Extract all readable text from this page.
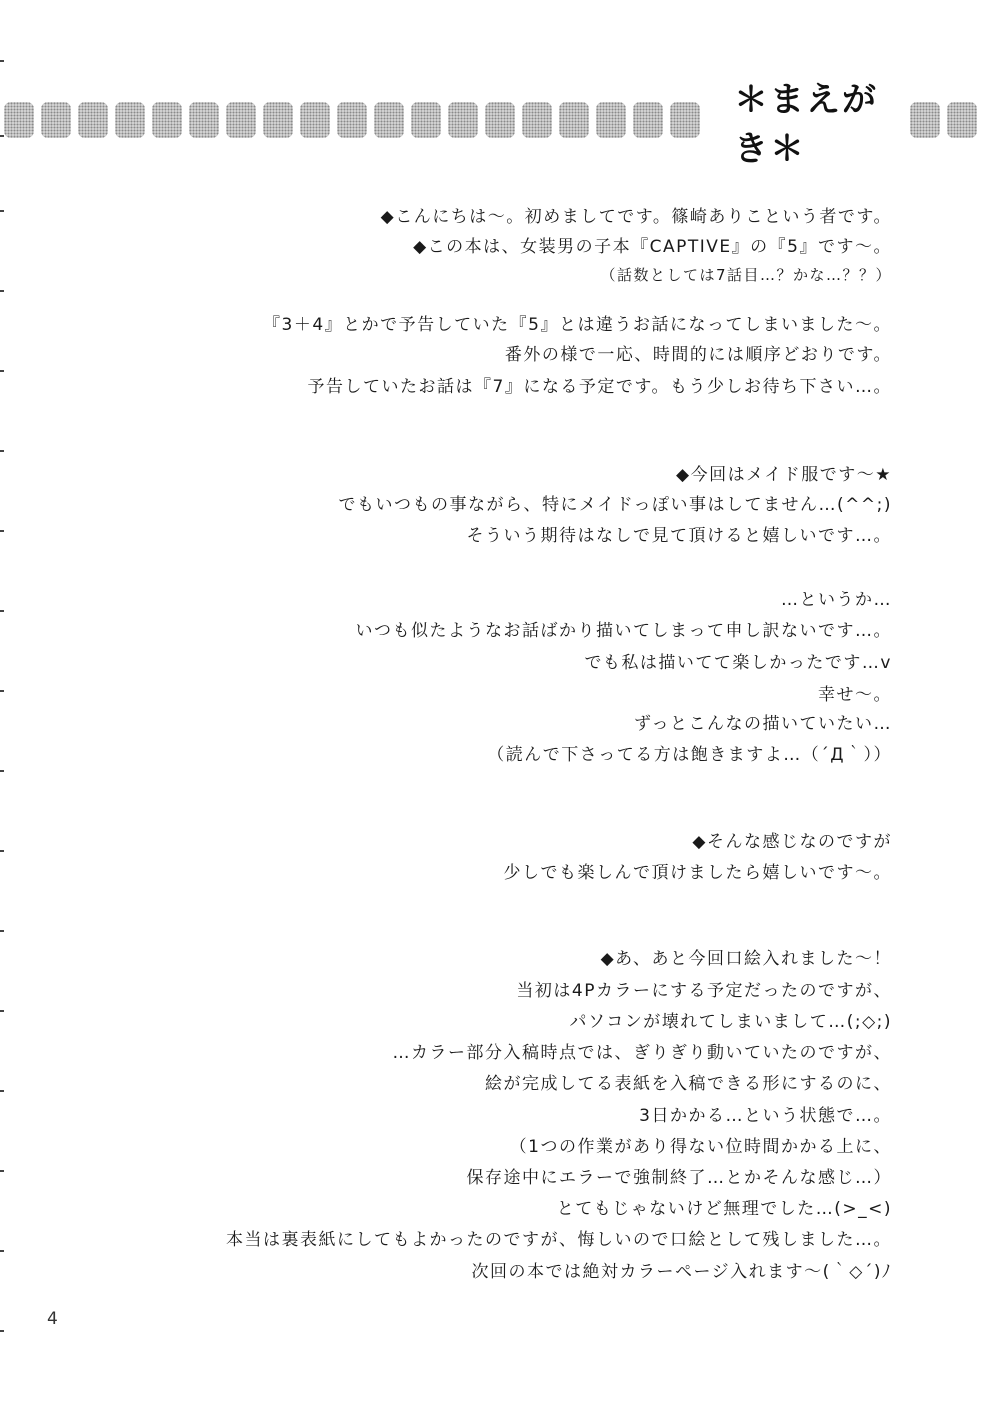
＊まえがき＊
◆こんにちは～。初めましてです。篠崎ありこという者です。
◆この本は、女装男の子本『CAPTIVE』の『5』です～。
（話数としては7話目…？かな…？？）
『3＋4』とかで予告していた『5』とは違うお話になってしまいました～。
番外の様で一応、時間的には順序どおりです。
予告していたお話は『7』になる予定です。もう少しお待ち下さい…。
◆今回はメイド服です～★
でもいつもの事ながら、特にメイドっぽい事はしてません…(^^;)
そういう期待はなしで見て頂けると嬉しいです…。
…というか…
いつも似たようなお話ばかり描いてしまって申し訳ないです…。
でも私は描いてて楽しかったです…v
幸せ～。
ずっとこんなの描いていたい…
（読んで下さってる方は飽きますよ…（´Д｀））
◆そんな感じなのですが
少しでも楽しんで頂けましたら嬉しいです～。
◆あ、あと今回口絵入れました～！
当初は4Pカラーにする予定だったのですが、
パソコンが壊れてしまいまして…(;◇;)
…カラー部分入稿時点では、ぎりぎり動いていたのですが、
絵が完成してる表紙を入稿できる形にするのに、
3日かかる…という状態で…。
（1つの作業があり得ない位時間かかる上に、
保存途中にエラーで強制終了…とかそんな感じ…）
とてもじゃないけど無理でした…(>_<)
本当は裏表紙にしてもよかったのですが、悔しいので口絵として残しました…。
次回の本では絶対カラーページ入れます～(｀◇´)ﾉ
4
